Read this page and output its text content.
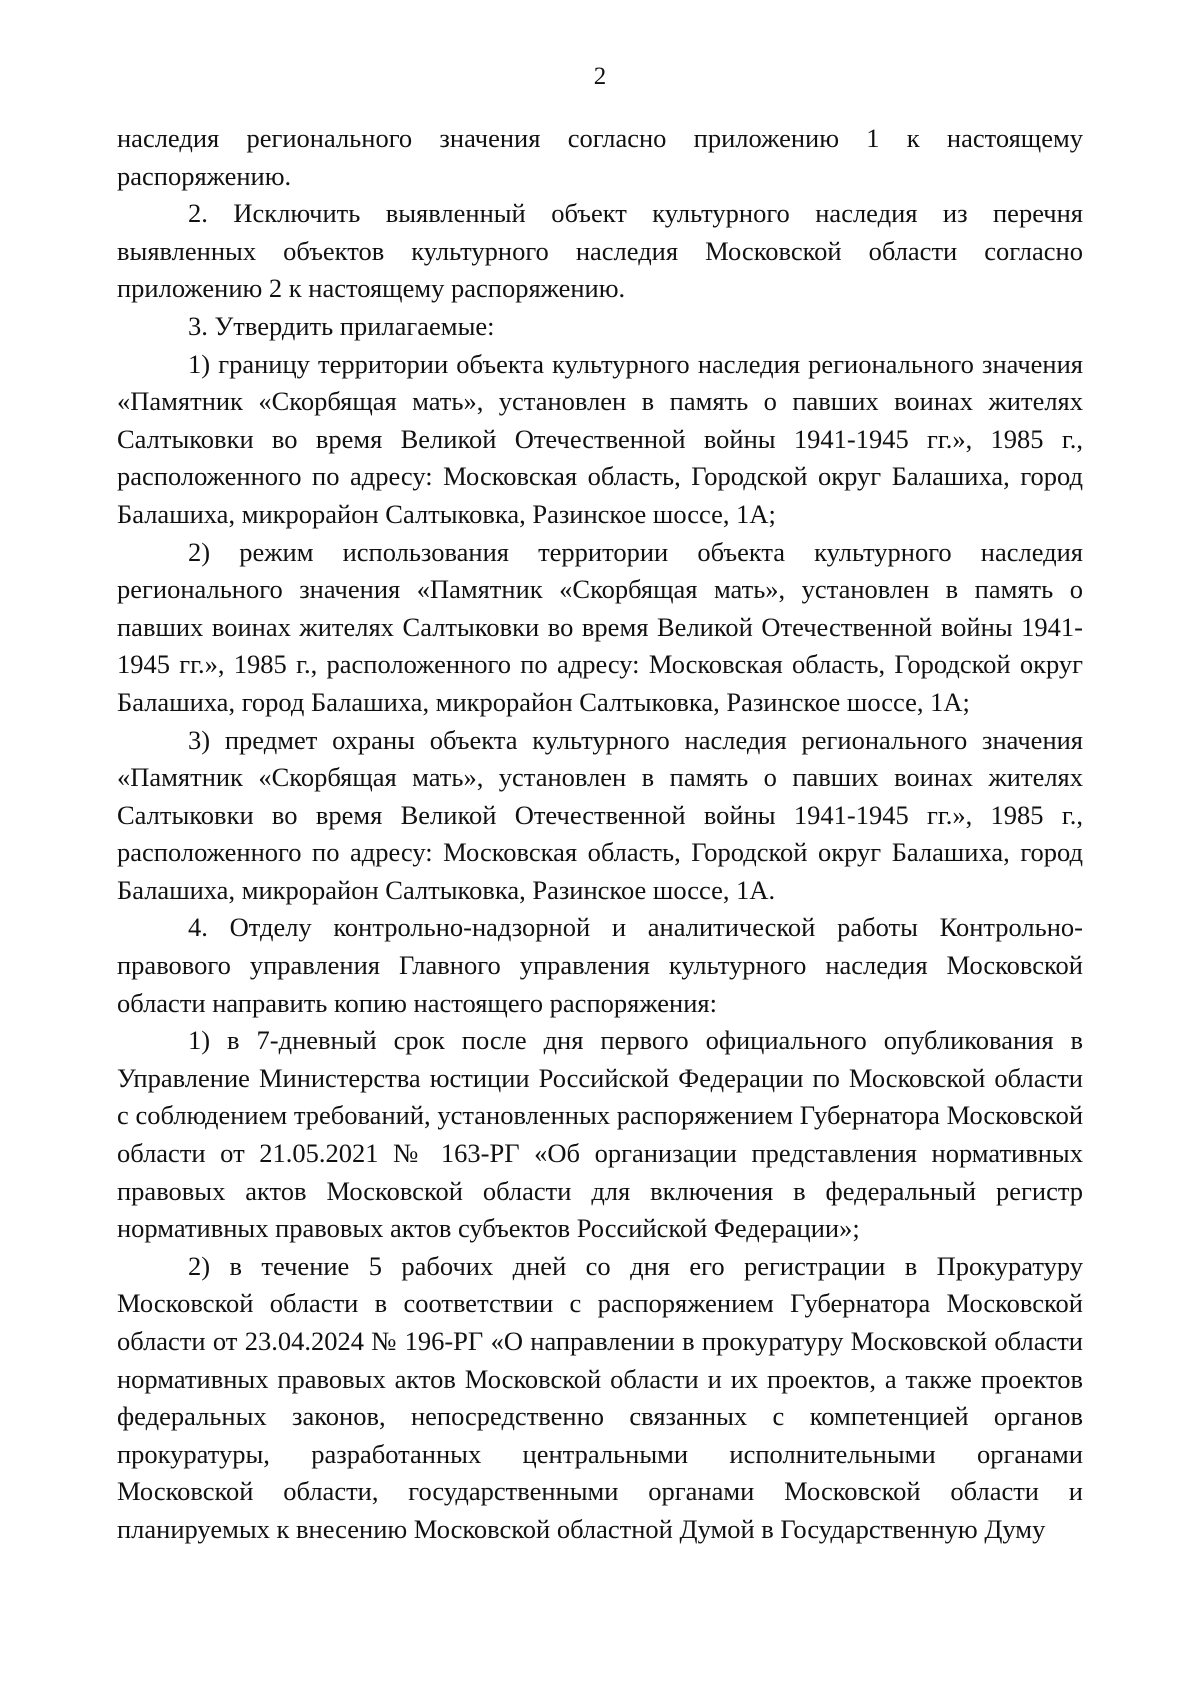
2

наследия регионального значения согласно приложению 1 к настоящему распоряжению.

2. Исключить выявленный объект культурного наследия из перечня выявленных объектов культурного наследия Московской области согласно приложению 2 к настоящему распоряжению.

3. Утвердить прилагаемые:

1) границу территории объекта культурного наследия регионального значения «Памятник «Скорбящая мать», установлен в память о павших воинах жителях Салтыковки во время Великой Отечественной войны 1941-1945 гг.», 1985 г., расположенного по адресу: Московская область, Городской округ Балашиха, город Балашиха, микрорайон Салтыковка, Разинское шоссе, 1А;

2) режим использования территории объекта культурного наследия регионального значения «Памятник «Скорбящая мать», установлен в память о павших воинах жителях Салтыковки во время Великой Отечественной войны 1941-1945 гг.», 1985 г., расположенного по адресу: Московская область, Городской округ Балашиха, город Балашиха, микрорайон Салтыковка, Разинское шоссе, 1А;

3) предмет охраны объекта культурного наследия регионального значения «Памятник «Скорбящая мать», установлен в память о павших воинах жителях Салтыковки во время Великой Отечественной войны 1941-1945 гг.», 1985 г., расположенного по адресу: Московская область, Городской округ Балашиха, город Балашиха, микрорайон Салтыковка, Разинское шоссе, 1А.

4. Отделу контрольно-надзорной и аналитической работы Контрольно-правового управления Главного управления культурного наследия Московской области направить копию настоящего распоряжения:

1) в 7-дневный срок после дня первого официального опубликования в Управление Министерства юстиции Российской Федерации по Московской области с соблюдением требований, установленных распоряжением Губернатора Московской области от 21.05.2021 № 163-РГ «Об организации представления нормативных правовых актов Московской области для включения в федеральный регистр нормативных правовых актов субъектов Российской Федерации»;

2) в течение 5 рабочих дней со дня его регистрации в Прокуратуру Московской области в соответствии с распоряжением Губернатора Московской области от 23.04.2024 № 196-РГ «О направлении в прокуратуру Московской области нормативных правовых актов Московской области и их проектов, а также проектов федеральных законов, непосредственно связанных с компетенцией органов прокуратуры, разработанных центральными исполнительными органами Московской области, государственными органами Московской области и планируемых к внесению Московской областной Думой в Государственную Думу
